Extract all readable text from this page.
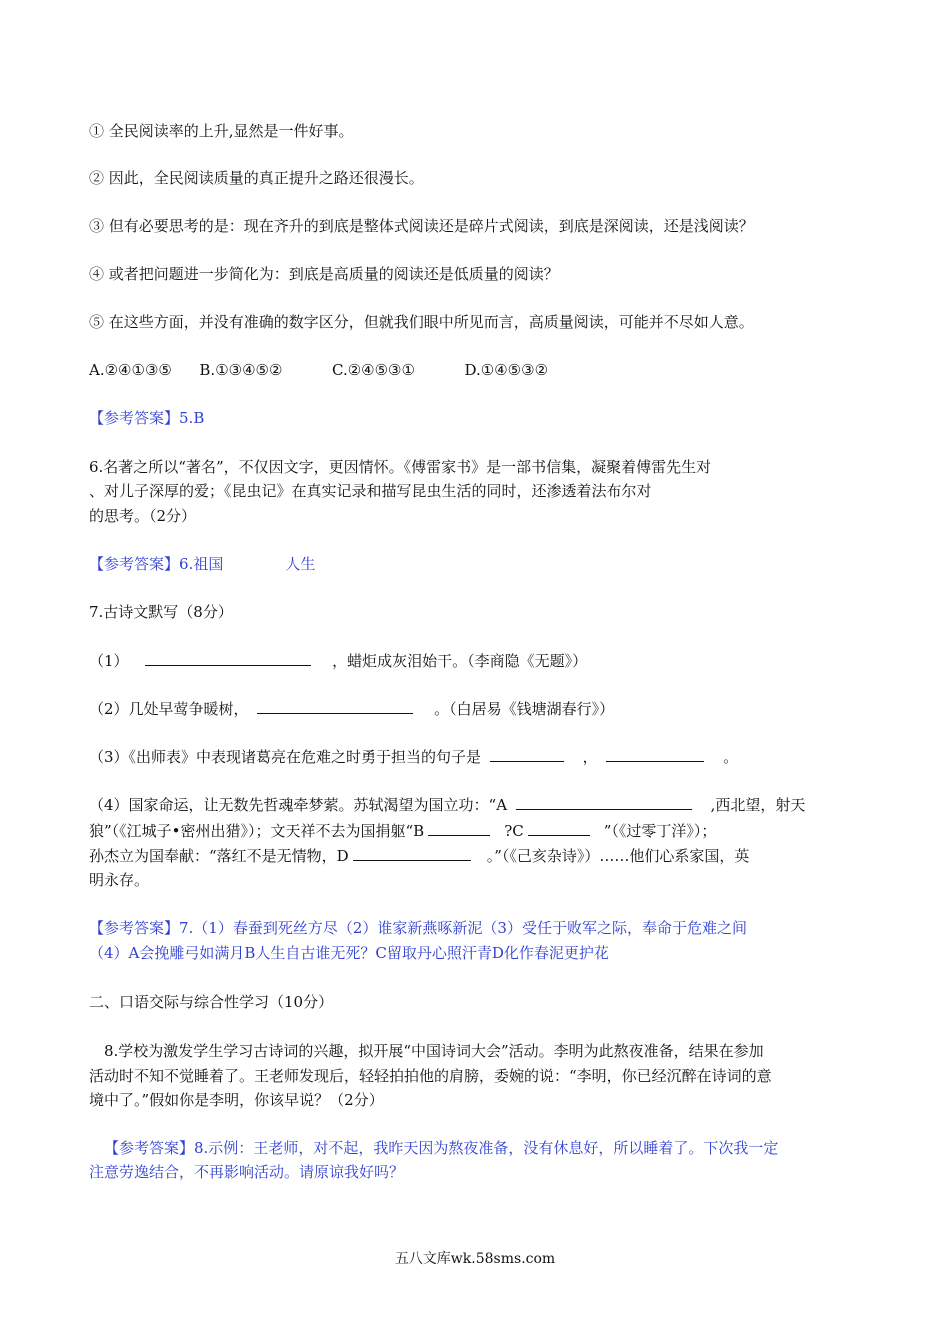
① 全民阅读率的上升,显然是一件好事。
② 因此，全民阅读质量的真正提升之路还很漫长。
③ 但有必要思考的是：现在齐升的到底是整体式阅读还是碎片式阅读，到底是深阅读，还是浅阅读？
④ 或者把问题进一步简化为：到底是高质量的阅读还是低质量的阅读？
⑤ 在这些方面，并没有准确的数字区分，但就我们眼中所见而言，高质量阅读，可能并不尽如人意。
A.②④①③⑤ B.①③④⑤②	C.②④⑤③①	D.①④⑤③②
【参考答案】5.B
6.名著之所以“著名”，不仅因文字，更因情怀。《傅雷家书》是一部书信集，凝聚着傅雷先生对
、对儿子深厚的爱；《昆虫记》在真实记录和描写昆虫生活的同时，还渗透着法布尔对
的思考。（2分）
【参考答案】6.祖国	人生
7.古诗文默写（8分）
（1）	，蜡炬成灰泪始干。（李商隐《无题》）
（2）几处早莺争暖树，	。（白居易《钱塘湖春行》）
（3）《出师表》中表现诸葛亮在危难之时勇于担当的句子是	，	。
（4）国家命运，让无数先哲魂牵梦萦。苏轼渴望为国立功：“A	,西北望，射天
狼”（《江城子•密州出猎》）；文天祥不去为国捐躯“B	?C	”（《过零丁洋》）；
孙杰立为国奉献：“落红不是无情物，D	。”（《己亥杂诗》）……他们心系家国，英
明永存。
【参考答案】7.（1）春蚕到死丝方尽（2）谁家新燕啄新泥（3）受任于败军之际，奉命于危难之间
（4）A会挽雕弓如满月B人生自古谁无死？C留取丹心照汗青D化作春泥更护花
二、口语交际与综合性学习（10分）
8.学校为激发学生学习古诗词的兴趣，拟开展“中国诗词大会”活动。李明为此熬夜准备，结果在参加
活动时不知不觉睡着了。王老师发现后，轻轻拍拍他的肩膀，委婉的说：“李明，你已经沉醉在诗词的意
境中了。”假如你是李明，你该早说？（2分）
【参考答案】8.示例：王老师，对不起，我昨天因为熬夜准备，没有休息好，所以睡着了。下次我一定
注意劳逸结合，不再影响活动。请原谅我好吗？
五八文库wk.58sms.com
